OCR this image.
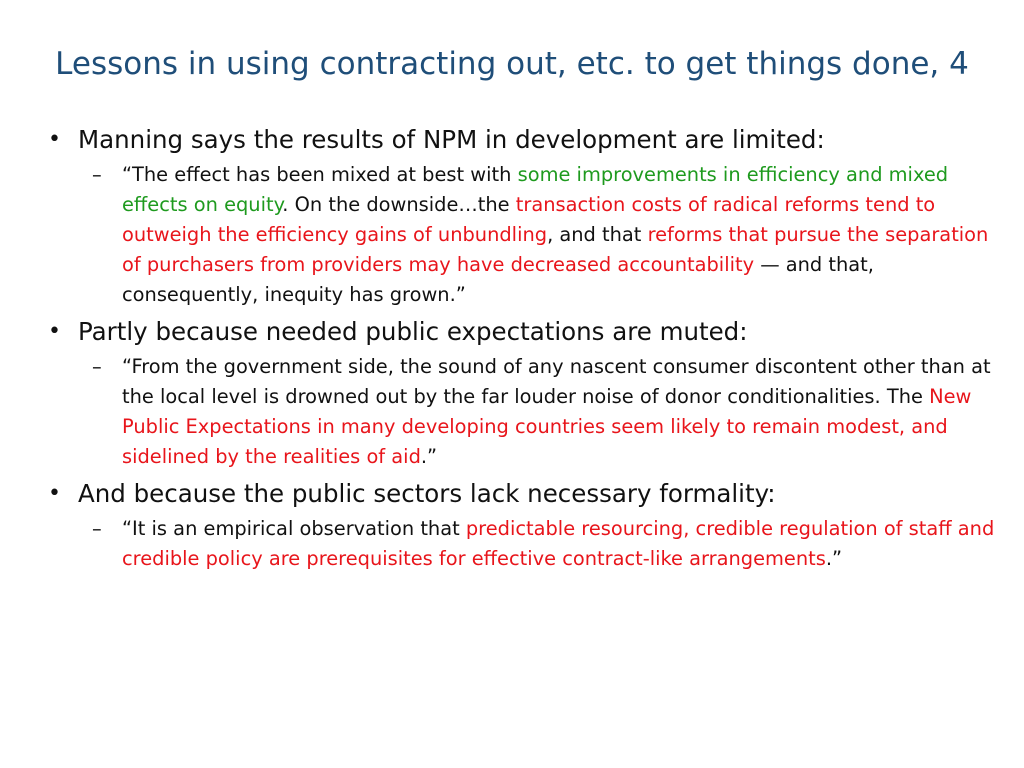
Lessons in using contracting out, etc. to get things done, 4
• Manning says the results of NPM in development are limited:
– “The effect has been mixed at best with some improvements in efficiency and mixed effects on equity. On the downside…the transaction costs of radical reforms tend to outweigh the efficiency gains of unbundling, and that reforms that pursue the separation of purchasers from providers may have decreased accountability — and that, consequently, inequity has grown.”
• Partly because needed public expectations are muted:
– “From the government side, the sound of any nascent consumer discontent other than at the local level is drowned out by the far louder noise of donor conditionalities. The New Public Expectations in many developing countries seem likely to remain modest, and sidelined by the realities of aid.”
• And because the public sectors lack necessary formality:
– “It is an empirical observation that predictable resourcing, credible regulation of staff and credible policy are prerequisites for effective contract-like arrangements.”
